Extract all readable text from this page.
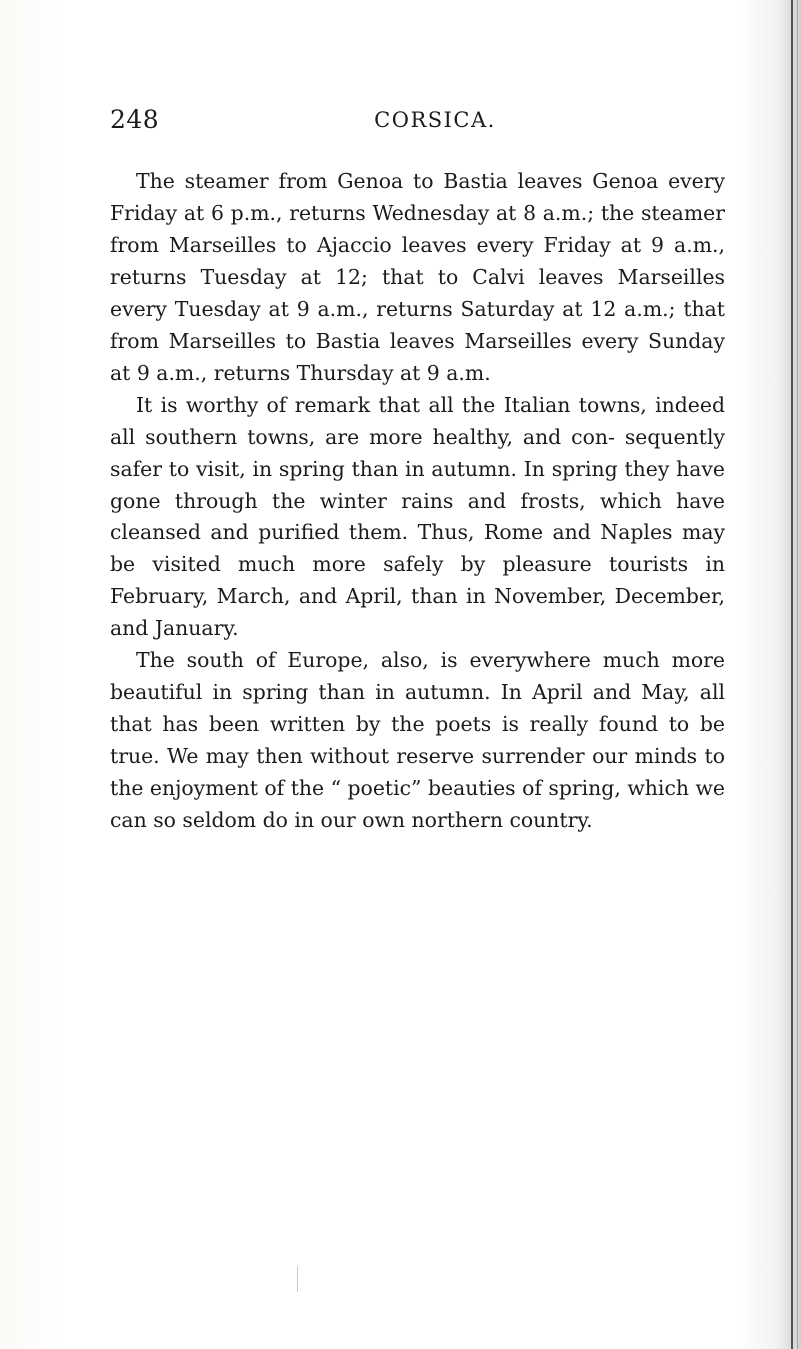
248	CORSICA.

The steamer from Genoa to Bastia leaves Genoa every Friday at 6 p.m., returns Wednesday at 8 a.m.; the steamer from Marseilles to Ajaccio leaves every Friday at 9 a.m., returns Tuesday at 12; that to Calvi leaves Marseilles every Tuesday at 9 a.m., returns Saturday at 12 a.m.; that from Marseilles to Bastia leaves Marseilles every Sunday at 9 a.m., returns Thursday at 9 a.m.

It is worthy of remark that all the Italian towns, indeed all southern towns, are more healthy, and con- sequently safer to visit, in spring than in autumn. In spring they have gone through the winter rains and frosts, which have cleansed and purified them. Thus, Rome and Naples may be visited much more safely by pleasure tourists in February, March, and April, than in November, December, and January.

The south of Europe, also, is everywhere much more beautiful in spring than in autumn. In April and May, all that has been written by the poets is really found to be true. We may then without reserve surrender our minds to the enjoyment of the “ poetic” beauties of spring, which we can so seldom do in our own northern country.
